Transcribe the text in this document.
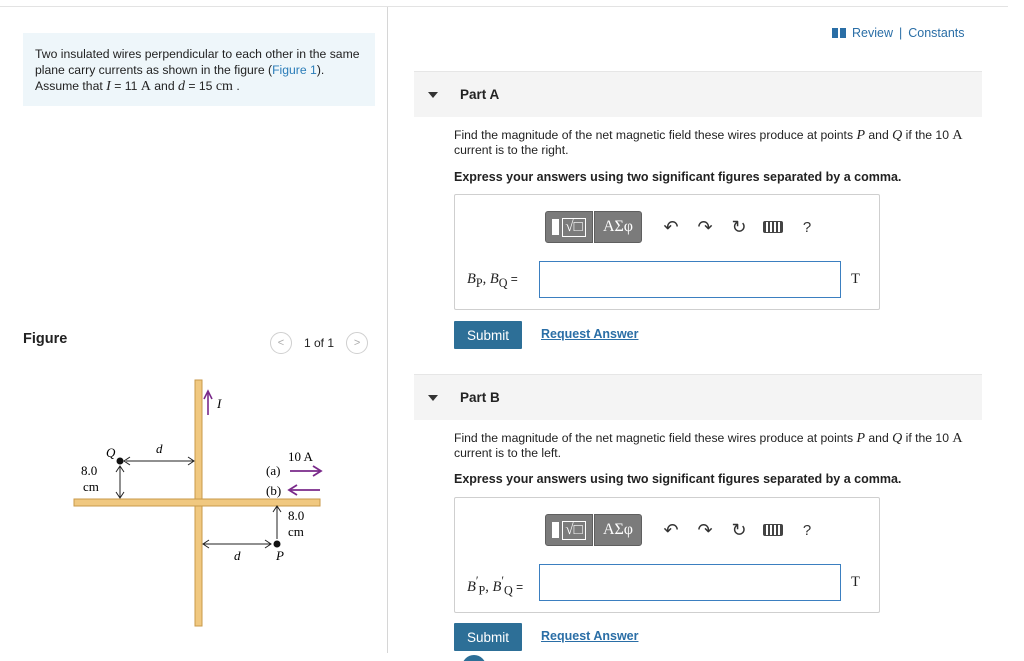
Two insulated wires perpendicular to each other in the same plane carry currents as shown in the figure (Figure 1). Assume that I = 11 A and d = 15 cm .
Figure	<	1 of 1	>
I
Q	d
8.0
cm
10 A
(a)
(b)
8.0
cm
P
d
Review | Constants
Part A
Find the magnitude of the net magnetic field these wires produce at points P and Q if the 10 A current is to the right.
Express your answers using two significant figures separated by a comma.
√□	ΑΣφ	↶	↷	↻	?
$B_P$, $B_Q$ =	T
Submit	Request Answer
Part B
Find the magnitude of the net magnetic field these wires produce at points P and Q if the 10 A current is to the left.
Express your answers using two significant figures separated by a comma.
√□	ΑΣφ	↶	↷	↻	?
$B'_P$, $B'_Q$ =	T
Submit	Request Answer
